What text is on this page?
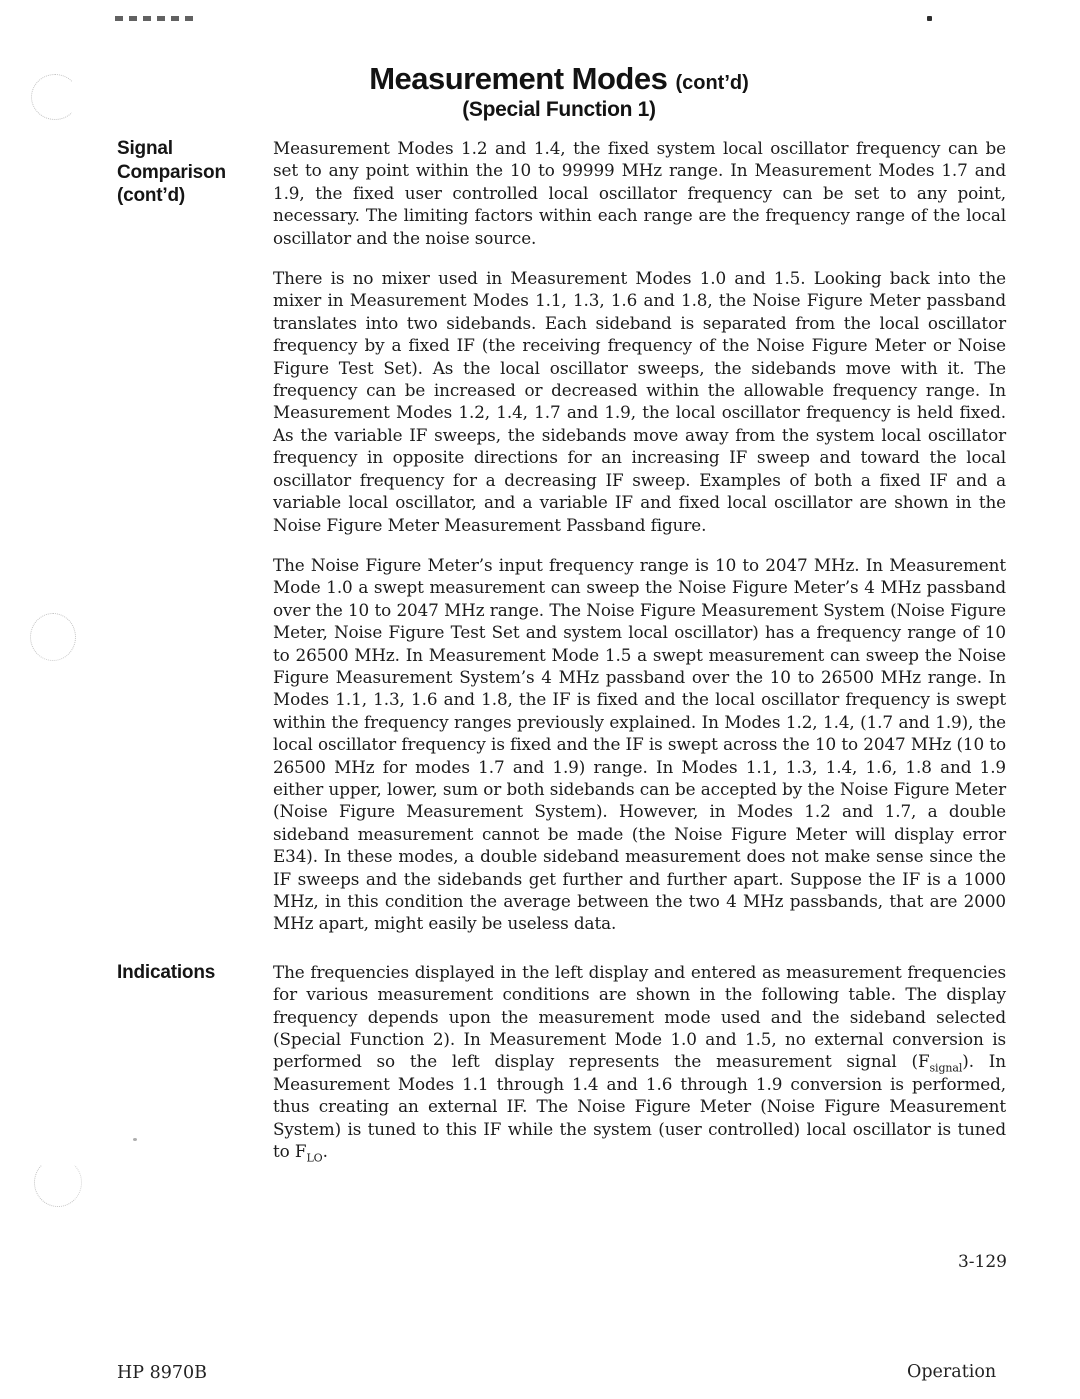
Measurement Modes (cont’d)
(Special Function 1)
Signal
Comparison
(cont’d)

Measurement Modes 1.2 and 1.4, the fixed system local oscillator frequency can be set to any point within the 10 to 99999 MHz range. In Measurement Modes 1.7 and 1.9, the fixed user controlled local oscillator frequency can be set to any point, necessary. The limiting factors within each range are the frequency range of the local oscillator and the noise source.

There is no mixer used in Measurement Modes 1.0 and 1.5. Looking back into the mixer in Measurement Modes 1.1, 1.3, 1.6 and 1.8, the Noise Figure Meter passband translates into two sidebands. Each sideband is separated from the local oscillator frequency by a fixed IF (the receiving frequency of the Noise Figure Meter or Noise Figure Test Set). As the local oscillator sweeps, the sidebands move with it. The frequency can be increased or decreased within the allowable frequency range. In Measurement Modes 1.2, 1.4, 1.7 and 1.9, the local oscillator frequency is held fixed. As the variable IF sweeps, the sidebands move away from the system local oscillator frequency in opposite directions for an increasing IF sweep and toward the local oscillator frequency for a decreasing IF sweep. Examples of both a fixed IF and a variable local oscillator, and a variable IF and fixed local oscillator are shown in the Noise Figure Meter Measurement Passband figure.

The Noise Figure Meter’s input frequency range is 10 to 2047 MHz. In Measurement Mode 1.0 a swept measurement can sweep the Noise Figure Meter’s 4 MHz passband over the 10 to 2047 MHz range. The Noise Figure Measurement System (Noise Figure Meter, Noise Figure Test Set and system local oscillator) has a frequency range of 10 to 26500 MHz. In Measurement Mode 1.5 a swept measurement can sweep the Noise Figure Measurement System’s 4 MHz passband over the 10 to 26500 MHz range. In Modes 1.1, 1.3, 1.6 and 1.8, the IF is fixed and the local oscillator frequency is swept within the frequency ranges previously explained. In Modes 1.2, 1.4, (1.7 and 1.9), the local oscillator frequency is fixed and the IF is swept across the 10 to 2047 MHz (10 to 26500 MHz for modes 1.7 and 1.9) range. In Modes 1.1, 1.3, 1.4, 1.6, 1.8 and 1.9 either upper, lower, sum or both sidebands can be accepted by the Noise Figure Meter (Noise Figure Measurement System). However, in Modes 1.2 and 1.7, a double sideband measurement cannot be made (the Noise Figure Meter will display error E34). In these modes, a double sideband measurement does not make sense since the IF sweeps and the sidebands get further and further apart. Suppose the IF is a 1000 MHz, in this condition the average between the two 4 MHz passbands, that are 2000 MHz apart, might easily be useless data.

Indications	The frequencies displayed in the left display and entered as measurement frequencies for various measurement conditions are shown in the following table. The display frequency depends upon the measurement mode used and the sideband selected (Special Function 2). In Measurement Mode 1.0 and 1.5, no external conversion is performed so the left display represents the measurement signal $(F_{signal})$. In Measurement Modes 1.1 through 1.4 and 1.6 through 1.9 conversion is performed, thus creating an external IF. The Noise Figure Meter (Noise Figure Measurement System) is tuned to this IF while the system (user controlled) local oscillator is tuned to $F_{LO}$.

3-129
HP 8970B	Operation
